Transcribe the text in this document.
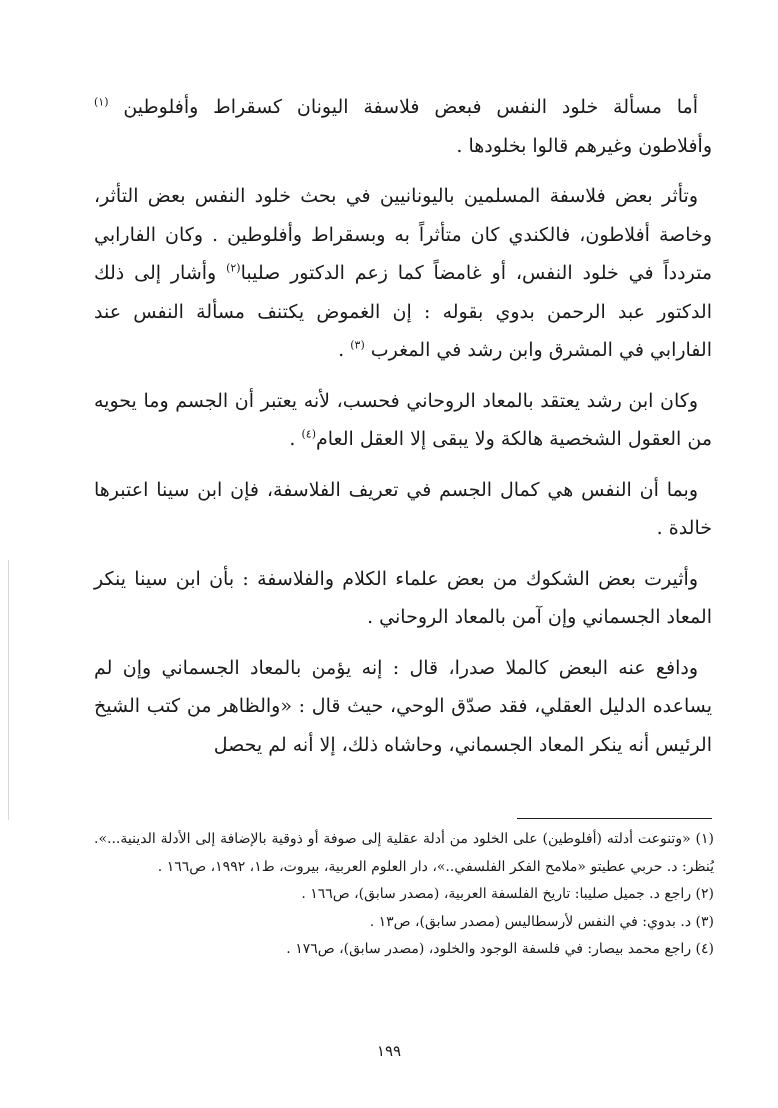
أما مسألة خلود النفس فبعض فلاسفة اليونان كسقراط وأفلوطين $^{(١)}$ وأفلاطون وغيرهم قالوا بخلودها .

وتأثر بعض فلاسفة المسلمين باليونانيين في بحث خلود النفس بعض التأثر، وخاصة أفلاطون، فالكندي كان متأثراً به وبسقراط وأفلوطين . وكان الفارابي متردداً في خلود النفس، أو غامضاً كما زعم الدكتور صليبا$^{(٢)}$ وأشار إلى ذلك الدكتور عبد الرحمن بدوي بقوله : إن الغموض يكتنف مسألة النفس عند الفارابي في المشرق وابن رشد في المغرب $^{(٣)}$ .

وكان ابن رشد يعتقد بالمعاد الروحاني فحسب، لأنه يعتبر أن الجسم وما يحويه من العقول الشخصية هالكة ولا يبقى إلا العقل العام$^{(٤)}$ .

وبما أن النفس هي كمال الجسم في تعريف الفلاسفة، فإن ابن سينا اعتبرها خالدة .

وأثيرت بعض الشكوك من بعض علماء الكلام والفلاسفة : بأن ابن سينا ينكر المعاد الجسماني وإن آمن بالمعاد الروحاني .

ودافع عنه البعض كالملا صدرا، قال : إنه يؤمن بالمعاد الجسماني وإن لم يساعده الدليل العقلي، فقد صدّق الوحي، حيث قال : «والظاهر من كتب الشيخ الرئيس أنه ينكر المعاد الجسماني، وحاشاه ذلك، إلا أنه لم يحصل

(١) «وتنوعت أدلته (أفلوطين) على الخلود من أدلة عقلية إلى صوفة أو ذوقية بالإضافة إلى الأدلة الدينية...». يُنظر: د. حربي عطيتو «ملامح الفكر الفلسفي..»، دار العلوم العربية، بيروت، ط١، ١٩٩٢، ص١٦٦ .

(٢) راجع د. جميل صليبا: تاريخ الفلسفة العربية، (مصدر سابق)، ص١٦٦ .

(٣) د. بدوي: في النفس لأرسطاليس (مصدر سابق)، ص١٣ .

(٤) راجع محمد بيصار: في فلسفة الوجود والخلود، (مصدر سابق)، ص١٧٦ .

١٩٩
